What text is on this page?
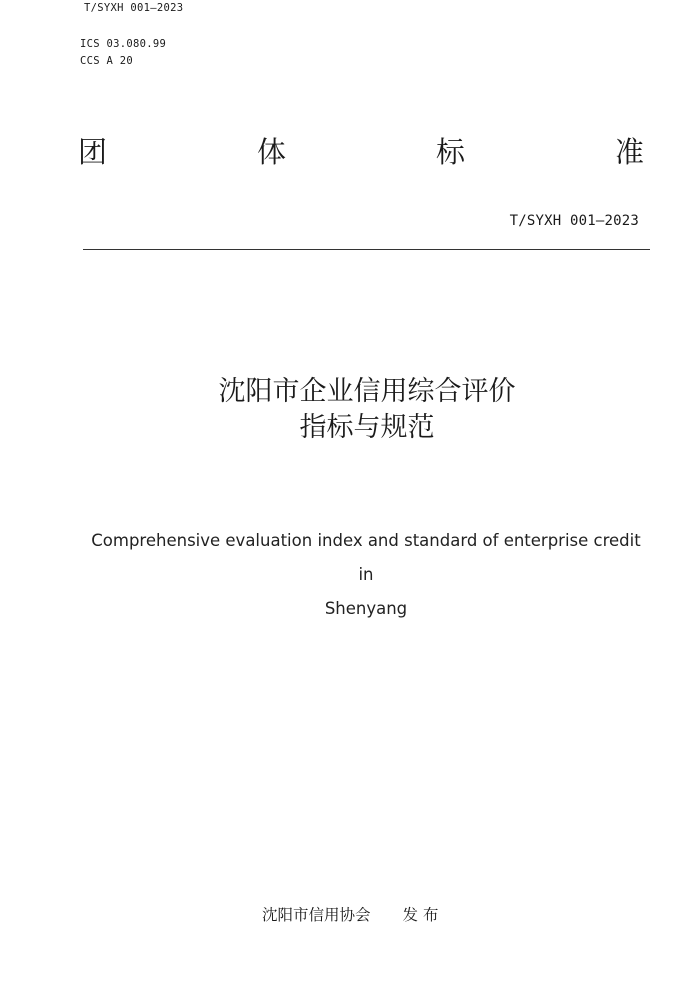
T/SYXH 001—2023
ICS 03.080.99
CCS A 20
团	体	标	准
T/SYXH 001—2023
沈阳市企业信用综合评价
指标与规范
Comprehensive evaluation index and standard of enterprise credit in
Shenyang
沈阳市信用协会 发 布
